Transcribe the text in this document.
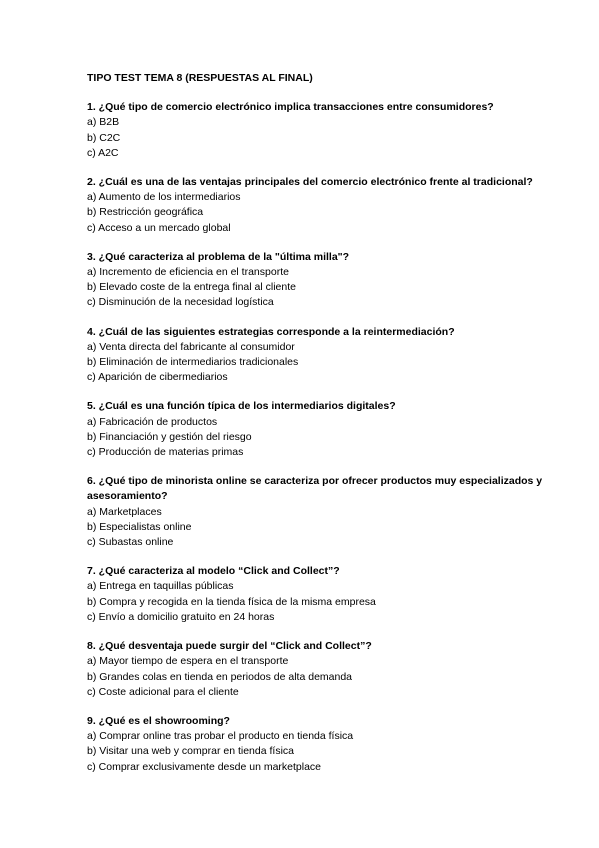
TIPO TEST TEMA 8 (RESPUESTAS AL FINAL)

1. ¿Qué tipo de comercio electrónico implica transacciones entre consumidores?

a) B2B
b) C2C
c) A2C

2. ¿Cuál es una de las ventajas principales del comercio electrónico frente al tradicional?

a) Aumento de los intermediarios
b) Restricción geográfica
c) Acceso a un mercado global

3. ¿Qué caracteriza al problema de la "última milla"?

a) Incremento de eficiencia en el transporte
b) Elevado coste de la entrega final al cliente
c) Disminución de la necesidad logística

4. ¿Cuál de las siguientes estrategias corresponde a la reintermediación?

a) Venta directa del fabricante al consumidor
b) Eliminación de intermediarios tradicionales
c) Aparición de cibermediarios

5. ¿Cuál es una función típica de los intermediarios digitales?

a) Fabricación de productos
b) Financiación y gestión del riesgo
c) Producción de materias primas

6. ¿Qué tipo de minorista online se caracteriza por ofrecer productos muy especializados y asesoramiento?

a) Marketplaces
b) Especialistas online
c) Subastas online

7. ¿Qué caracteriza al modelo “Click and Collect”?

a) Entrega en taquillas públicas
b) Compra y recogida en la tienda física de la misma empresa
c) Envío a domicilio gratuito en 24 horas

8. ¿Qué desventaja puede surgir del “Click and Collect”?

a) Mayor tiempo de espera en el transporte
b) Grandes colas en tienda en periodos de alta demanda
c) Coste adicional para el cliente

9. ¿Qué es el showrooming?

a) Comprar online tras probar el producto en tienda física
b) Visitar una web y comprar en tienda física
c) Comprar exclusivamente desde un marketplace
